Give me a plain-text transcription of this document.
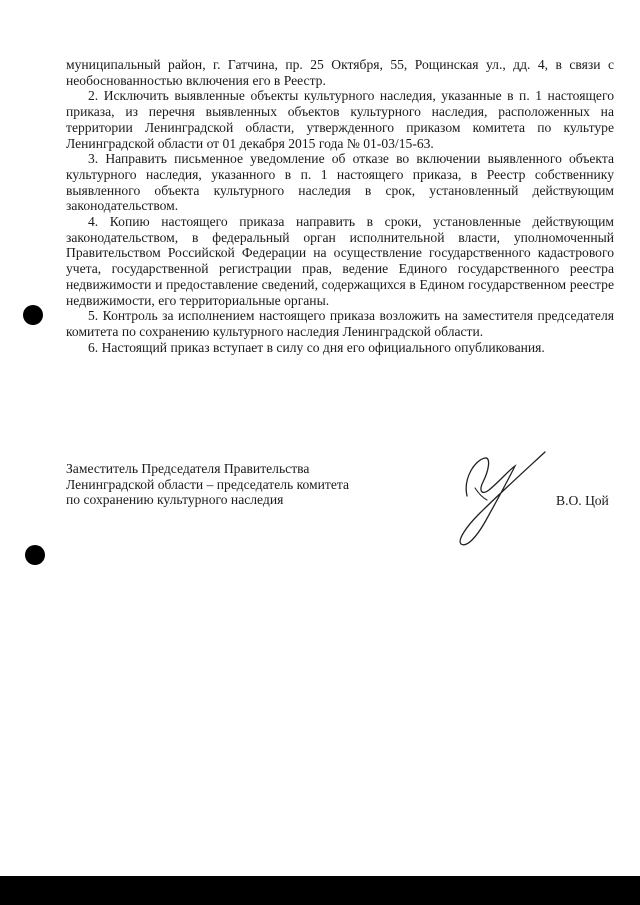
муниципальный район, г. Гатчина, пр. 25 Октября, 55, Рощинская ул., дд. 4, в связи с необоснованностью включения его в Реестр.

2. Исключить выявленные объекты культурного наследия, указанные в п. 1 настоящего приказа, из перечня выявленных объектов культурного наследия, расположенных на территории Ленинградской области, утвержденного приказом комитета по культуре Ленинградской области от 01 декабря 2015 года № 01-03/15-63.

3. Направить письменное уведомление об отказе во включении выявленного объекта культурного наследия, указанного в п. 1 настоящего приказа, в Реестр собственнику выявленного объекта культурного наследия в срок, установленный действующим законодательством.

4. Копию настоящего приказа направить в сроки, установленные действующим законодательством, в федеральный орган исполнительной власти, уполномоченный Правительством Российской Федерации на осуществление государственного кадастрового учета, государственной регистрации прав, ведение Единого государственного реестра недвижимости и предоставление сведений, содержащихся в Едином государственном реестре недвижимости, его территориальные органы.

5. Контроль за исполнением настоящего приказа возложить на заместителя председателя комитета по сохранению культурного наследия Ленинградской области.

6. Настоящий приказ вступает в силу со дня его официального опубликования.

Заместитель Председателя Правительства
Ленинградской области – председатель комитета
по сохранению культурного наследия	В.О. Цой
